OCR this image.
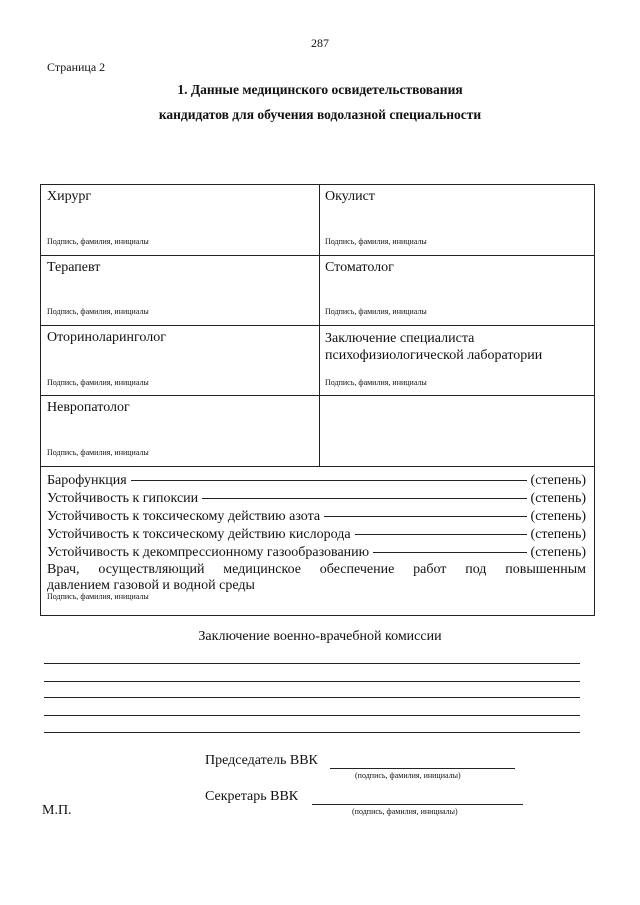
287
Страница 2
1. Данные медицинского освидетельствования
кандидатов для обучения водолазной специальности
Хирург
Подпись, фамилия, инициалы
Окулист
Подпись, фамилия, инициалы
Терапевт
Подпись, фамилия, инициалы
Стоматолог
Подпись, фамилия, инициалы
Оториноларинголог
Подпись, фамилия, инициалы
Заключение специалиста
психофизиологической лаборатории
Подпись, фамилия, инициалы
Невропатолог
Подпись, фамилия, инициалы
Барофункция	(степень)
Устойчивость к гипоксии	(степень)
Устойчивость к токсическому действию азота	(степень)
Устойчивость к токсическому действию кислорода	(степень)
Устойчивость к декомпрессионному газообразованию	(степень)
Врач, осуществляющий медицинское обеспечение работ под повышенным
давлением газовой и водной среды
Подпись, фамилия, инициалы
Заключение военно-врачебной комиссии
Председатель ВВК
(подпись, фамилия, инициалы)
Секретарь ВВК
(подпись, фамилия, инициалы)
М.П.
